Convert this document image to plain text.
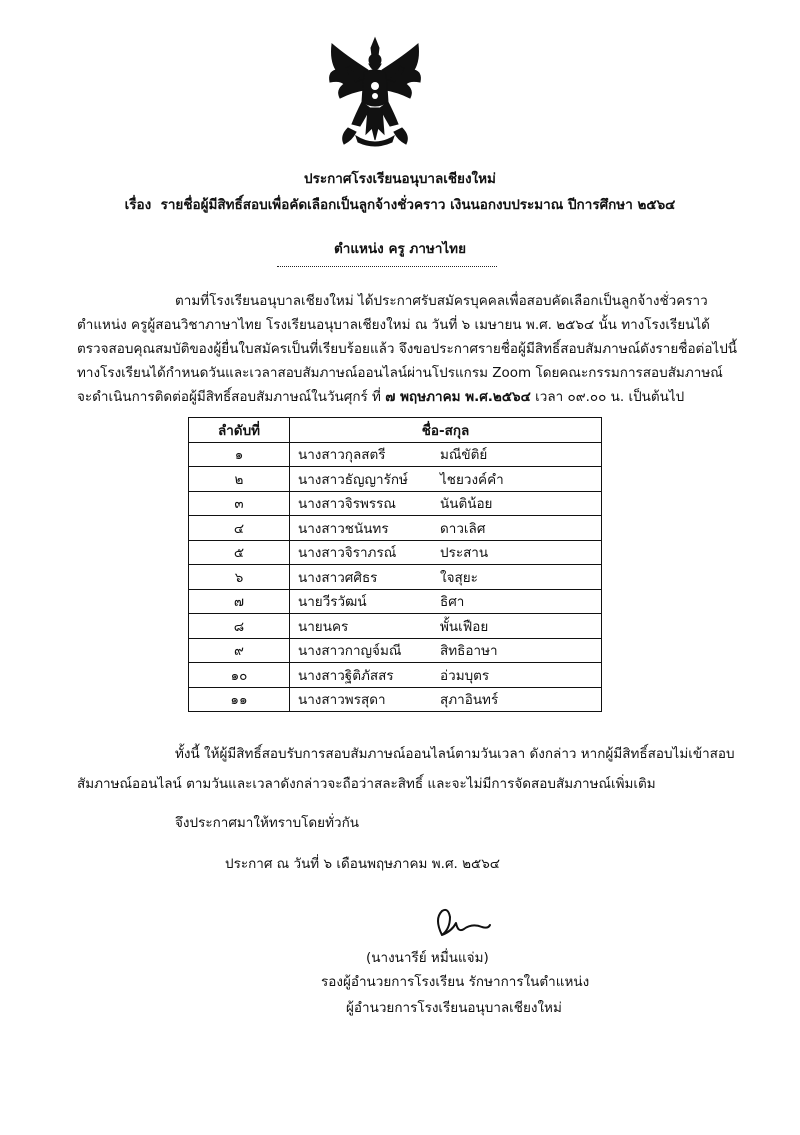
ประกาศโรงเรียนอนุบาลเชียงใหม่
เรื่อง รายชื่อผู้มีสิทธิ์สอบเพื่อคัดเลือกเป็นลูกจ้างชั่วคราว เงินนอกงบประมาณ ปีการศึกษา ๒๕๖๔
ตำแหน่ง ครู ภาษาไทย
ตามที่โรงเรียนอนุบาลเชียงใหม่ ได้ประกาศรับสมัครบุคคลเพื่อสอบคัดเลือกเป็นลูกจ้างชั่วคราว
ตำแหน่ง ครูผู้สอนวิชาภาษาไทย โรงเรียนอนุบาลเชียงใหม่ ณ วันที่ ๖ เมษายน พ.ศ. ๒๕๖๔ นั้น ทางโรงเรียนได้
ตรวจสอบคุณสมบัติของผู้ยื่นใบสมัครเป็นที่เรียบร้อยแล้ว จึงขอประกาศรายชื่อผู้มีสิทธิ์สอบสัมภาษณ์ดังรายชื่อต่อไปนี้
ทางโรงเรียนได้กำหนดวันและเวลาสอบสัมภาษณ์ออนไลน์ผ่านโปรแกรม Zoom โดยคณะกรรมการสอบสัมภาษณ์
จะดำเนินการติดต่อผู้มีสิทธิ์สอบสัมภาษณ์ในวันศุกร์ ที่ ๗ พฤษภาคม พ.ศ.๒๕๖๔ เวลา ๐๙.๐๐ น. เป็นต้นไป
ลำดับที่	ชื่อ-สกุล
๑	นางสาวกุลสตรี มณีขัติย์
๒	นางสาวธัญญารักษ์ ไชยวงค์คำ
๓	นางสาวจิรพรรณ นันติน้อย
๔	นางสาวชนันทร ดาวเลิศ
๕	นางสาวจิราภรณ์ ประสาน
๖	นางสาวศศิธร ใจสุยะ
๗	นายวีรวัฒน์ ธิศา
๘	นายนคร พั้นเฟือย
๙	นางสาวกาญจ์มณี สิทธิอาษา
๑๐	นางสาวฐิติภัสสร อ่วมบุตร
๑๑	นางสาวพรสุดา สุภาอินทร์
ทั้งนี้ ให้ผู้มีสิทธิ์สอบรับการสอบสัมภาษณ์ออนไลน์ตามวันเวลา ดังกล่าว หากผู้มีสิทธิ์สอบไม่เข้าสอบ
สัมภาษณ์ออนไลน์ ตามวันและเวลาดังกล่าวจะถือว่าสละสิทธิ์ และจะไม่มีการจัดสอบสัมภาษณ์เพิ่มเติม
จึงประกาศมาให้ทราบโดยทั่วกัน
ประกาศ ณ วันที่ ๖ เดือนพฤษภาคม พ.ศ. ๒๕๖๔
(นางนารีย์ หมื่นแจ่ม)
รองผู้อำนวยการโรงเรียน รักษาการในตำแหน่ง
ผู้อำนวยการโรงเรียนอนุบาลเชียงใหม่
